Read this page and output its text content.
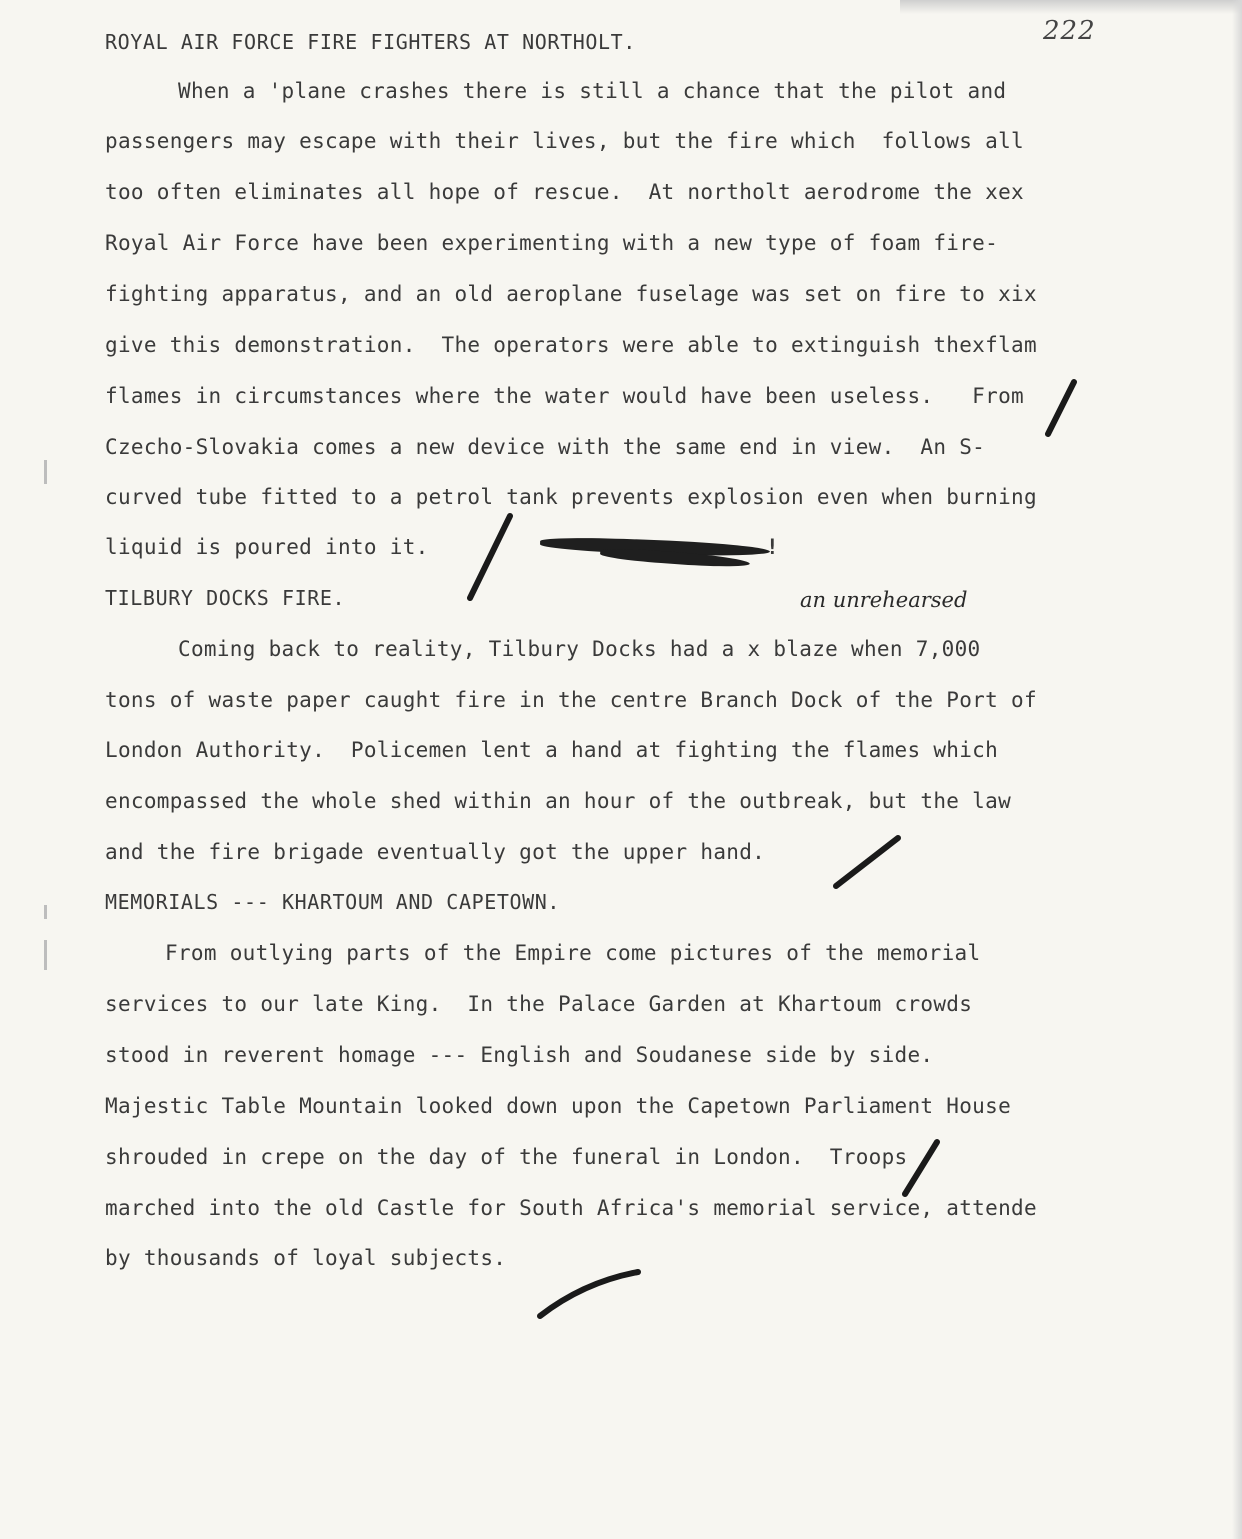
222
ROYAL AIR FORCE FIRE FIGHTERS AT NORTHOLT.
When a 'plane crashes there is still a chance that the pilot and
passengers may escape with their lives, but the fire which  follows all
too often eliminates all hope of rescue.  At northolt aerodrome the xex
Royal Air Force have been experimenting with a new type of foam fire-
fighting apparatus, and an old aeroplane fuselage was set on fire to xix
give this demonstration.  The operators were able to extinguish thexflam
flames in circumstances where the water would have been useless.   From
Czecho-Slovakia comes a new device with the same end in view.  An S-
curved tube fitted to a petrol tank prevents explosion even when burning
liquid is poured into it.	!
TILBURY DOCKS FIRE.	an unrehearsed
Coming back to reality, Tilbury Docks had a x blaze when 7,000
tons of waste paper caught fire in the centre Branch Dock of the Port of
London Authority.  Policemen lent a hand at fighting the flames which
encompassed the whole shed within an hour of the outbreak, but the law
and the fire brigade eventually got the upper hand.
MEMORIALS --- KHARTOUM AND CAPETOWN.
From outlying parts of the Empire come pictures of the memorial
services to our late King.  In the Palace Garden at Khartoum crowds
stood in reverent homage --- English and Soudanese side by side.
Majestic Table Mountain looked down upon the Capetown Parliament House
shrouded in crepe on the day of the funeral in London.  Troops
marched into the old Castle for South Africa's memorial service, attende
by thousands of loyal subjects.
